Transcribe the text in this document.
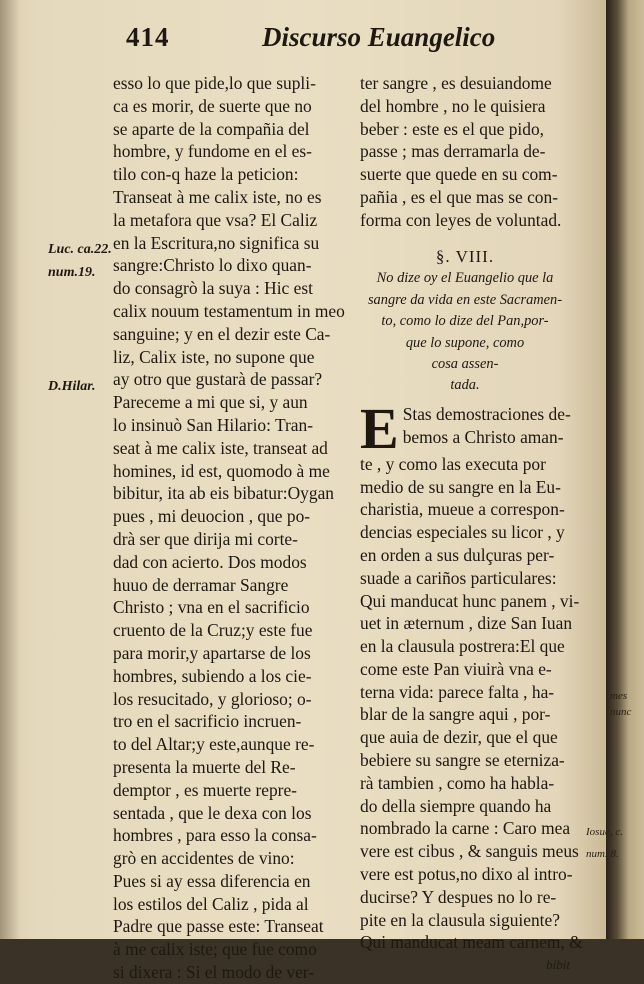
414	Discurso Euangelico
Luc. ca.22.
num.19.
D.Hilar.
esso lo que pide,lo que supli-
ca es morir, de suerte que no
se aparte de la compañia del
hombre, y fundome en el es-
tilo con-q haze la peticion:
Transeat à me calix iste, no es
la metafora que vsa? El Caliz
en la Escritura,no significa su
sangre:Christo lo dixo quan-
do consagrò la suya : Hic est
calix nouum testamentum in meo
sanguine; y en el dezir este Ca-
liz, Calix iste, no supone que
ay otro que gustarà de passar?
Pareceme a mi que si, y aun
lo insinuò San Hilario: Tran-
seat à me calix iste, transeat ad
homines, id est, quomodo à me
bibitur, ita ab eis bibatur:Oygan
pues , mi deuocion , que po-
drà ser que dirija mi corte-
dad con acierto. Dos modos
huuo de derramar Sangre
Christo ; vna en el sacrificio
cruento de la Cruz;y este fue
para morir,y apartarse de los
hombres, subiendo a los cie-
los resucitado, y glorioso; o-
tro en el sacrificio incruen-
to del Altar;y este,aunque re-
presenta la muerte del Re-
demptor , es muerte repre-
sentada , que le dexa con los
hombres , para esso la consa-
grò en accidentes de vino:
Pues si ay essa diferencia en
los estilos del Caliz , pida al
Padre que passe este: Transeat
à me calix iste; que fue como
si dixera : Si el modo de ver-
ter sangre , es desuiandome
del hombre , no le quisiera
beber : este es el que pido,
passe ; mas derramarla de-
suerte que quede en su com-
pañia , es el que mas se con-
forma con leyes de voluntad.
§. VIII.
No dize oy el Euangelio que la
sangre da vida en este Sacramen-
to, como lo dize del Pan,por-
que lo supone, como
cosa assen-
tada.
E Stas demostraciones de-
bemos a Christo aman-
te , y como las executa por
medio de su sangre en la Eu-
charistia, mueue a correspon-
dencias especiales su licor , y
en orden a sus dulçuras per-
suade a cariños particulares:
Qui manducat hunc panem , vi-
uet in æternum , dize San Iuan
en la clausula postrera:El que
come este Pan viuirà vna e-
terna vida: parece falta , ha-
blar de la sangre aqui , por-
que auia de dezir, que el que
bebiere su sangre se eterniza-
rà tambien , como ha habla-
do della siempre quando ha
nombrado la carne : Caro mea
vere est cibus , & sanguis meus
vere est potus,no dixo al intro-
ducirse? Y despues no lo re-
pite en la clausula siguiente?
Qui manducat meam carnem, &
bibit
mes
nunc
Iosue, c.
num. 8.
